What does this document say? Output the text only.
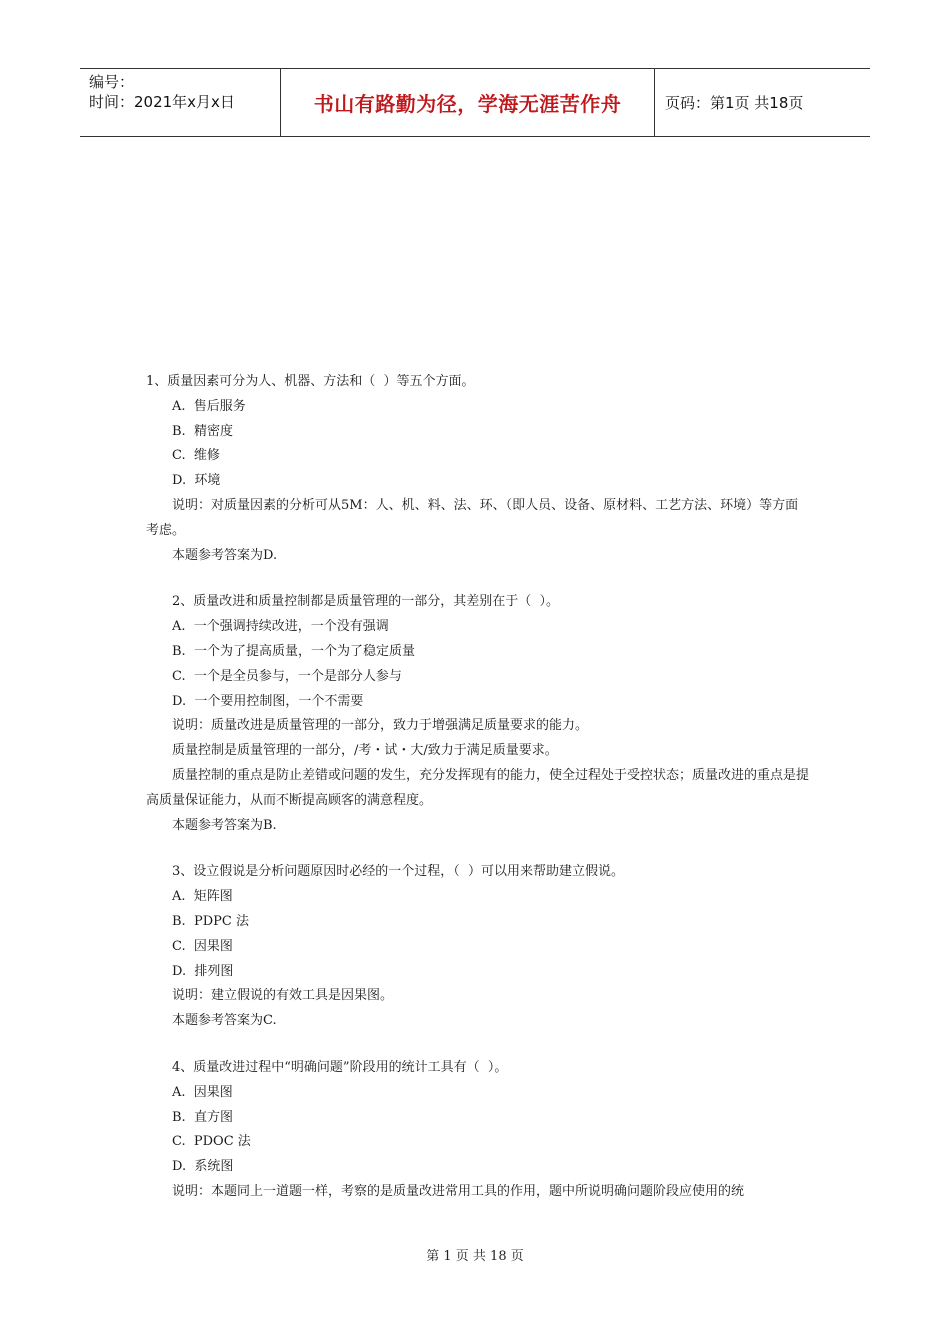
编号：
时间：2021年x月x日	书山有路勤为径，学海无涯苦作舟	页码：第1页 共18页
1、质量因素可分为人、机器、方法和（  ）等五个方面。
A.  售后服务
B.  精密度
C.  维修
D.  环境
说明：对质量因素的分析可从5M：人、机、料、法、环、（即人员、设备、原材料、工艺方法、环境）等方面考虑。
本题参考答案为D.
2、质量改进和质量控制都是质量管理的一部分，其差别在于（  ）。
A.  一个强调持续改进，一个没有强调
B.  一个为了提高质量，一个为了稳定质量
C.  一个是全员参与，一个是部分人参与
D.  一个要用控制图，一个不需要
说明：质量改进是质量管理的一部分，致力于增强满足质量要求的能力。
质量控制是质量管理的一部分，/考・试・大/致力于满足质量要求。
质量控制的重点是防止差错或问题的发生，充分发挥现有的能力，使全过程处于受控状态；质量改进的重点是提高质量保证能力，从而不断提高顾客的满意程度。
本题参考答案为B.
3、设立假说是分析问题原因时必经的一个过程，（  ）可以用来帮助建立假说。
A.  矩阵图
B.  PDPC 法
C.  因果图
D.  排列图
说明：建立假说的有效工具是因果图。
本题参考答案为C.
4、质量改进过程中“明确问题”阶段用的统计工具有（  ）。
A.  因果图
B.  直方图
C.  PDOC 法
D.  系统图
说明：本题同上一道题一样，考察的是质量改进常用工具的作用，题中所说明确问题阶段应使用的统
第 1 页 共 18 页
